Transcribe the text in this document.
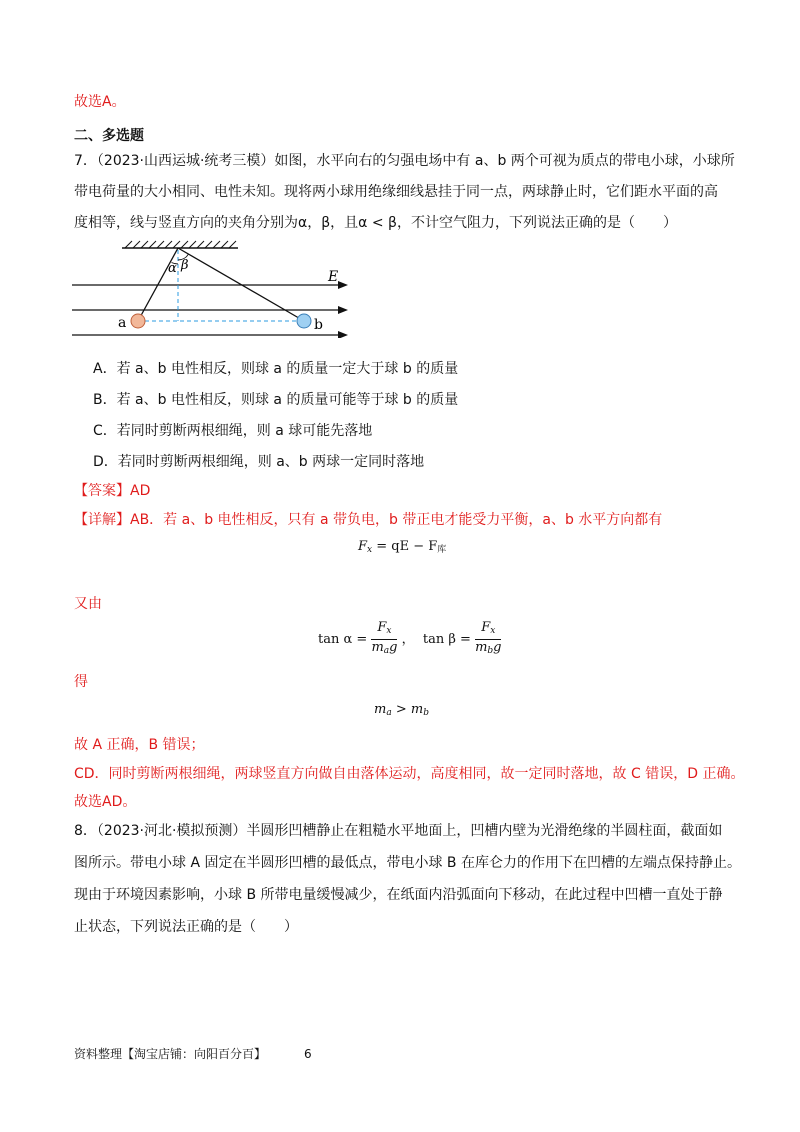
故选A。
二、多选题
7．（2023·山西运城·统考三模）如图，水平向右的匀强电场中有 a、b 两个可视为质点的带电小球，小球所
带电荷量的大小相同、电性未知。现将两小球用绝缘细线悬挂于同一点，两球静止时，它们距水平面的高
度相等，线与竖直方向的夹角分别为α，β，且α < β，不计空气阻力，下列说法正确的是（　　）
E
α β
a	b
A．若 a、b 电性相反，则球 a 的质量一定大于球 b 的质量
B．若 a、b 电性相反，则球 a 的质量可能等于球 b 的质量
C．若同时剪断两根细绳，则 a 球可能先落地
D．若同时剪断两根细绳，则 a、b 两球一定同时落地
【答案】AD
【详解】AB．若 a、b 电性相反，只有 a 带负电，b 带正电才能受力平衡，a、b 水平方向都有
$F_x$ = qE − $F_库$
又由
$\tan \alpha = \frac{F_x}{m_ag}$ ， $\tan \beta = \frac{F_x}{m_bg}$
得
$m_a > m_b$
故 A 正确，B 错误；
CD．同时剪断两根细绳，两球竖直方向做自由落体运动，高度相同，故一定同时落地，故 C 错误，D 正确。
故选AD。
8．（2023·河北·模拟预测）半圆形凹槽静止在粗糙水平地面上，凹槽内壁为光滑绝缘的半圆柱面，截面如
图所示。带电小球 A 固定在半圆形凹槽的最低点，带电小球 B 在库仑力的作用下在凹槽的左端点保持静止。
现由于环境因素影响，小球 B 所带电量缓慢减少，在纸面内沿弧面向下移动，在此过程中凹槽一直处于静
止状态，下列说法正确的是（　　）
资料整理【淘宝店铺：向阳百分百】	6
